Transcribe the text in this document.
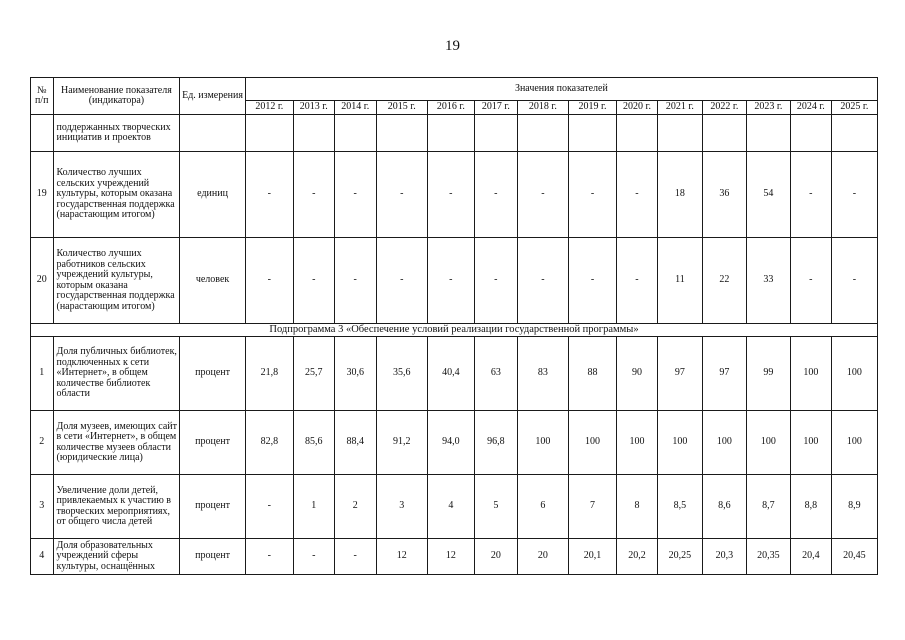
19
№ п/п	Наименование показателя (индикатора)	Ед. измерения	Значения показателей													
			2012 г.	2013 г.	2014 г.	2015 г.	2016 г.	2017 г.	2018 г.	2019 г.	2020 г.	2021 г.	2022 г.	2023 г.	2024 г.	2025 г.
	поддержанных творческих инициатив и проектов															
19	Количество лучших сельских учреждений культуры, которым оказана государственная поддержка (нарастающим итогом)	единиц	-	-	-	-	-	-	-	-	-	18	36	54	-	-
20	Количество лучших работников сельских учреждений культуры, которым оказана государственная поддержка (нарастающим итогом)	человек	-	-	-	-	-	-	-	-	-	11	22	33	-	-
Подпрограмма 3 «Обеспечение условий реализации государственной программы»																
1	Доля публичных библиотек, подключенных к сети «Интернет», в общем количестве библиотек области	процент	21,8	25,7	30,6	35,6	40,4	63	83	88	90	97	97	99	100	100
2	Доля музеев, имеющих сайт в сети «Интернет», в общем количестве музеев области (юридические лица)	процент	82,8	85,6	88,4	91,2	94,0	96,8	100	100	100	100	100	100	100	100
3	Увеличение доли детей, привлекаемых к участию в творческих мероприятиях, от общего числа детей	процент	-	1	2	3	4	5	6	7	8	8,5	8,6	8,7	8,8	8,9
4	Доля образовательных учреждений сферы культуры, оснащённых	процент	-	-	-	12	12	20	20	20,1	20,2	20,25	20,3	20,35	20,4	20,45
